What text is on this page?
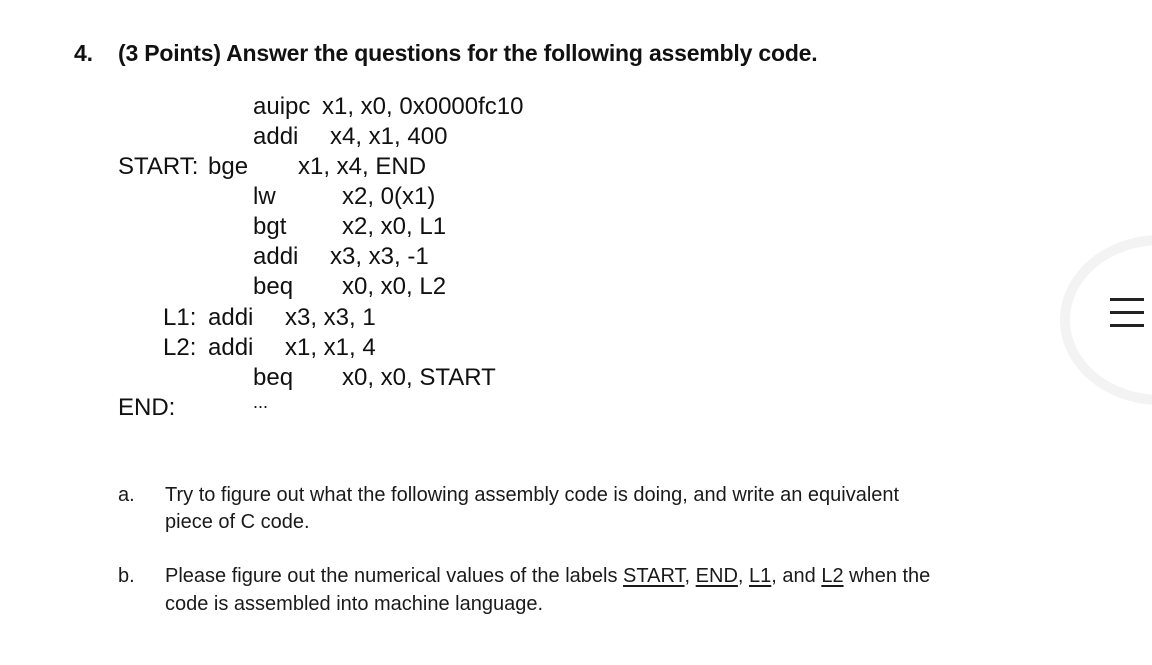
4. (3 Points) Answer the questions for the following assembly code.
auipc x1, x0, 0x0000fc10
addi x4, x1, 400
START: bge x1, x4, END
lw	x2, 0(x1)
bgt x2, x0, L1
addi x3, x3, -1
beq x0, x0, L2
L1: addi x3, x3, 1
L2: addi x1, x1, 4
beq x0, x0, START
END:	...
a. Try to figure out what the following assembly code is doing, and write an equivalent
piece of C code.
b. Please figure out the numerical values of the labels START, END, L1, and L2 when the
code is assembled into machine language.
